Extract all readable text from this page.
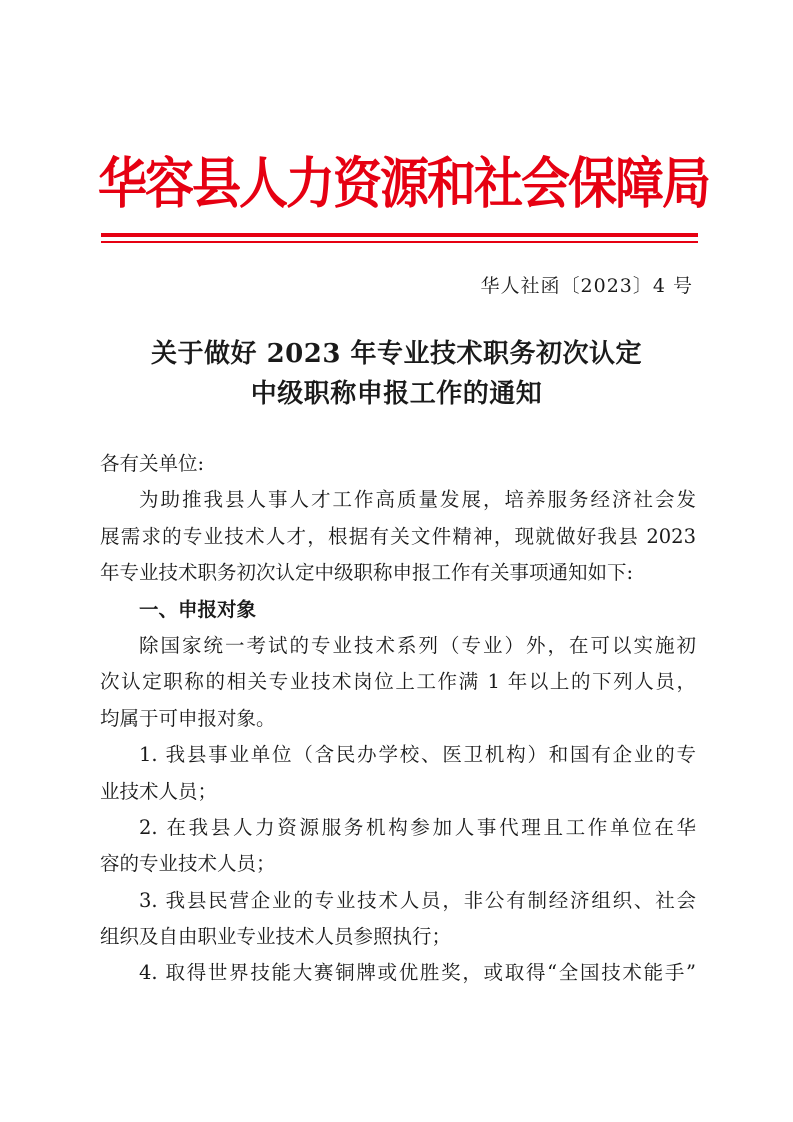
华容县人力资源和社会保障局
华人社函〔2023〕4 号
关于做好 2023 年专业技术职务初次认定
中级职称申报工作的通知
各有关单位:
为助推我县人事人才工作高质量发展，培养服务经济社会发
展需求的专业技术人才，根据有关文件精神，现就做好我县 2023
年专业技术职务初次认定中级职称申报工作有关事项通知如下:
一、申报对象
除国家统一考试的专业技术系列（专业）外，在可以实施初
次认定职称的相关专业技术岗位上工作满 1 年以上的下列人员，
均属于可申报对象。
1. 我县事业单位（含民办学校、医卫机构）和国有企业的专
业技术人员；
2. 在我县人力资源服务机构参加人事代理且工作单位在华
容的专业技术人员；
3. 我县民营企业的专业技术人员，非公有制经济组织、社会
组织及自由职业专业技术人员参照执行；
4. 取得世界技能大赛铜牌或优胜奖，或取得“全国技术能手”
